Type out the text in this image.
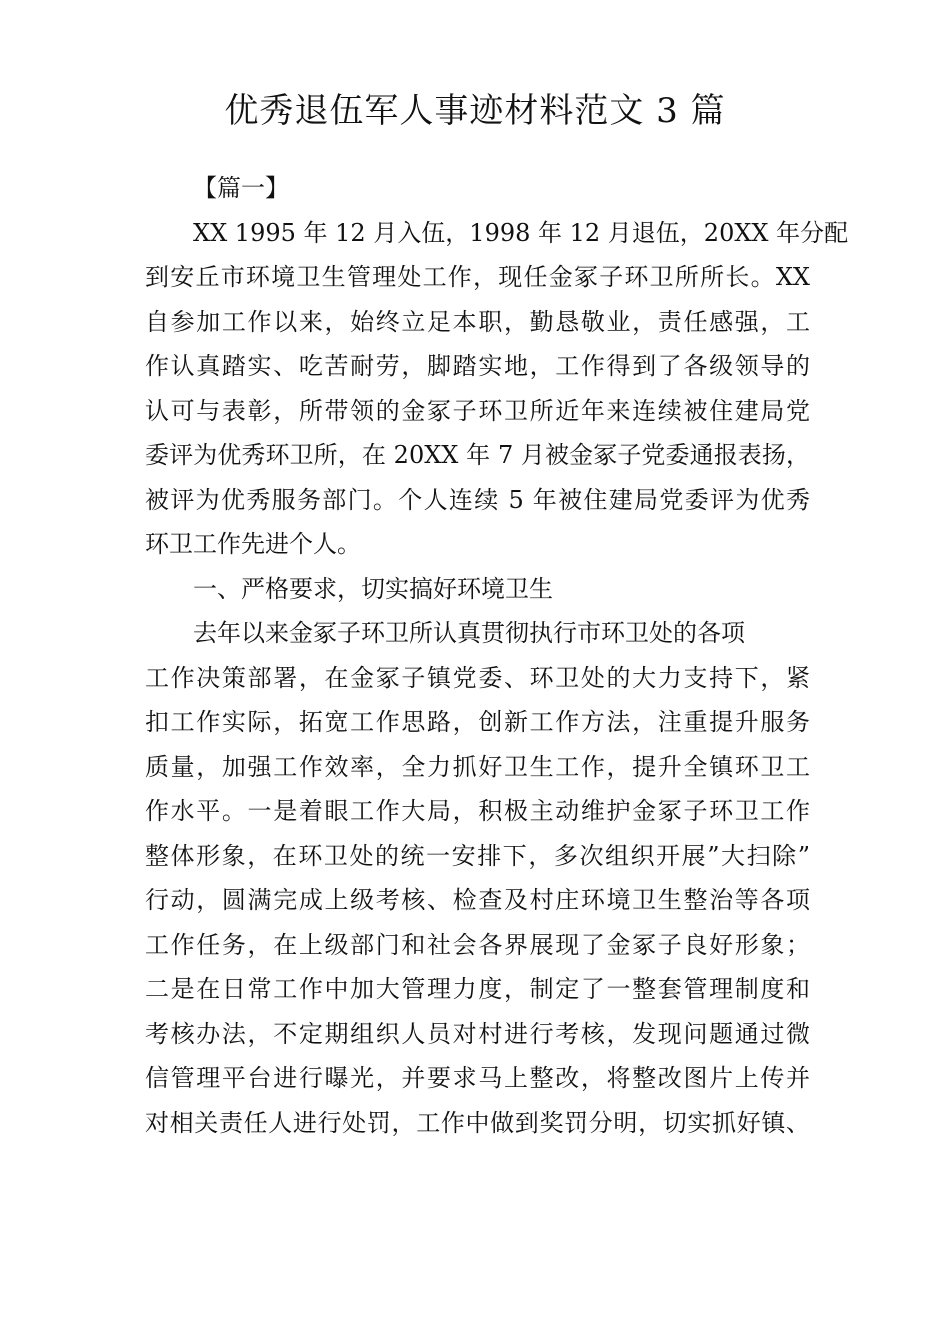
优秀退伍军人事迹材料范文 3 篇
【篇一】
XX 1995 年 12 月入伍，1998 年 12 月退伍，20XX 年分配
到安丘市环境卫生管理处工作，现任金冢子环卫所所长。XX
自参加工作以来，始终立足本职，勤恳敬业，责任感强，工
作认真踏实、吃苦耐劳，脚踏实地，工作得到了各级领导的
认可与表彰，所带领的金冢子环卫所近年来连续被住建局党
委评为优秀环卫所，在 20XX 年 7 月被金冢子党委通报表扬，
被评为优秀服务部门。个人连续 5 年被住建局党委评为优秀
环卫工作先进个人。
一、严格要求，切实搞好环境卫生
去年以来金冢子环卫所认真贯彻执行市环卫处的各项
工作决策部署，在金冢子镇党委、环卫处的大力支持下，紧
扣工作实际，拓宽工作思路，创新工作方法，注重提升服务
质量，加强工作效率，全力抓好卫生工作，提升全镇环卫工
作水平。一是着眼工作大局，积极主动维护金冢子环卫工作
整体形象，在环卫处的统一安排下，多次组织开展”大扫除”
行动，圆满完成上级考核、检查及村庄环境卫生整治等各项
工作任务，在上级部门和社会各界展现了金冢子良好形象；
二是在日常工作中加大管理力度，制定了一整套管理制度和
考核办法，不定期组织人员对村进行考核，发现问题通过微
信管理平台进行曝光，并要求马上整改，将整改图片上传并
对相关责任人进行处罚，工作中做到奖罚分明，切实抓好镇、
